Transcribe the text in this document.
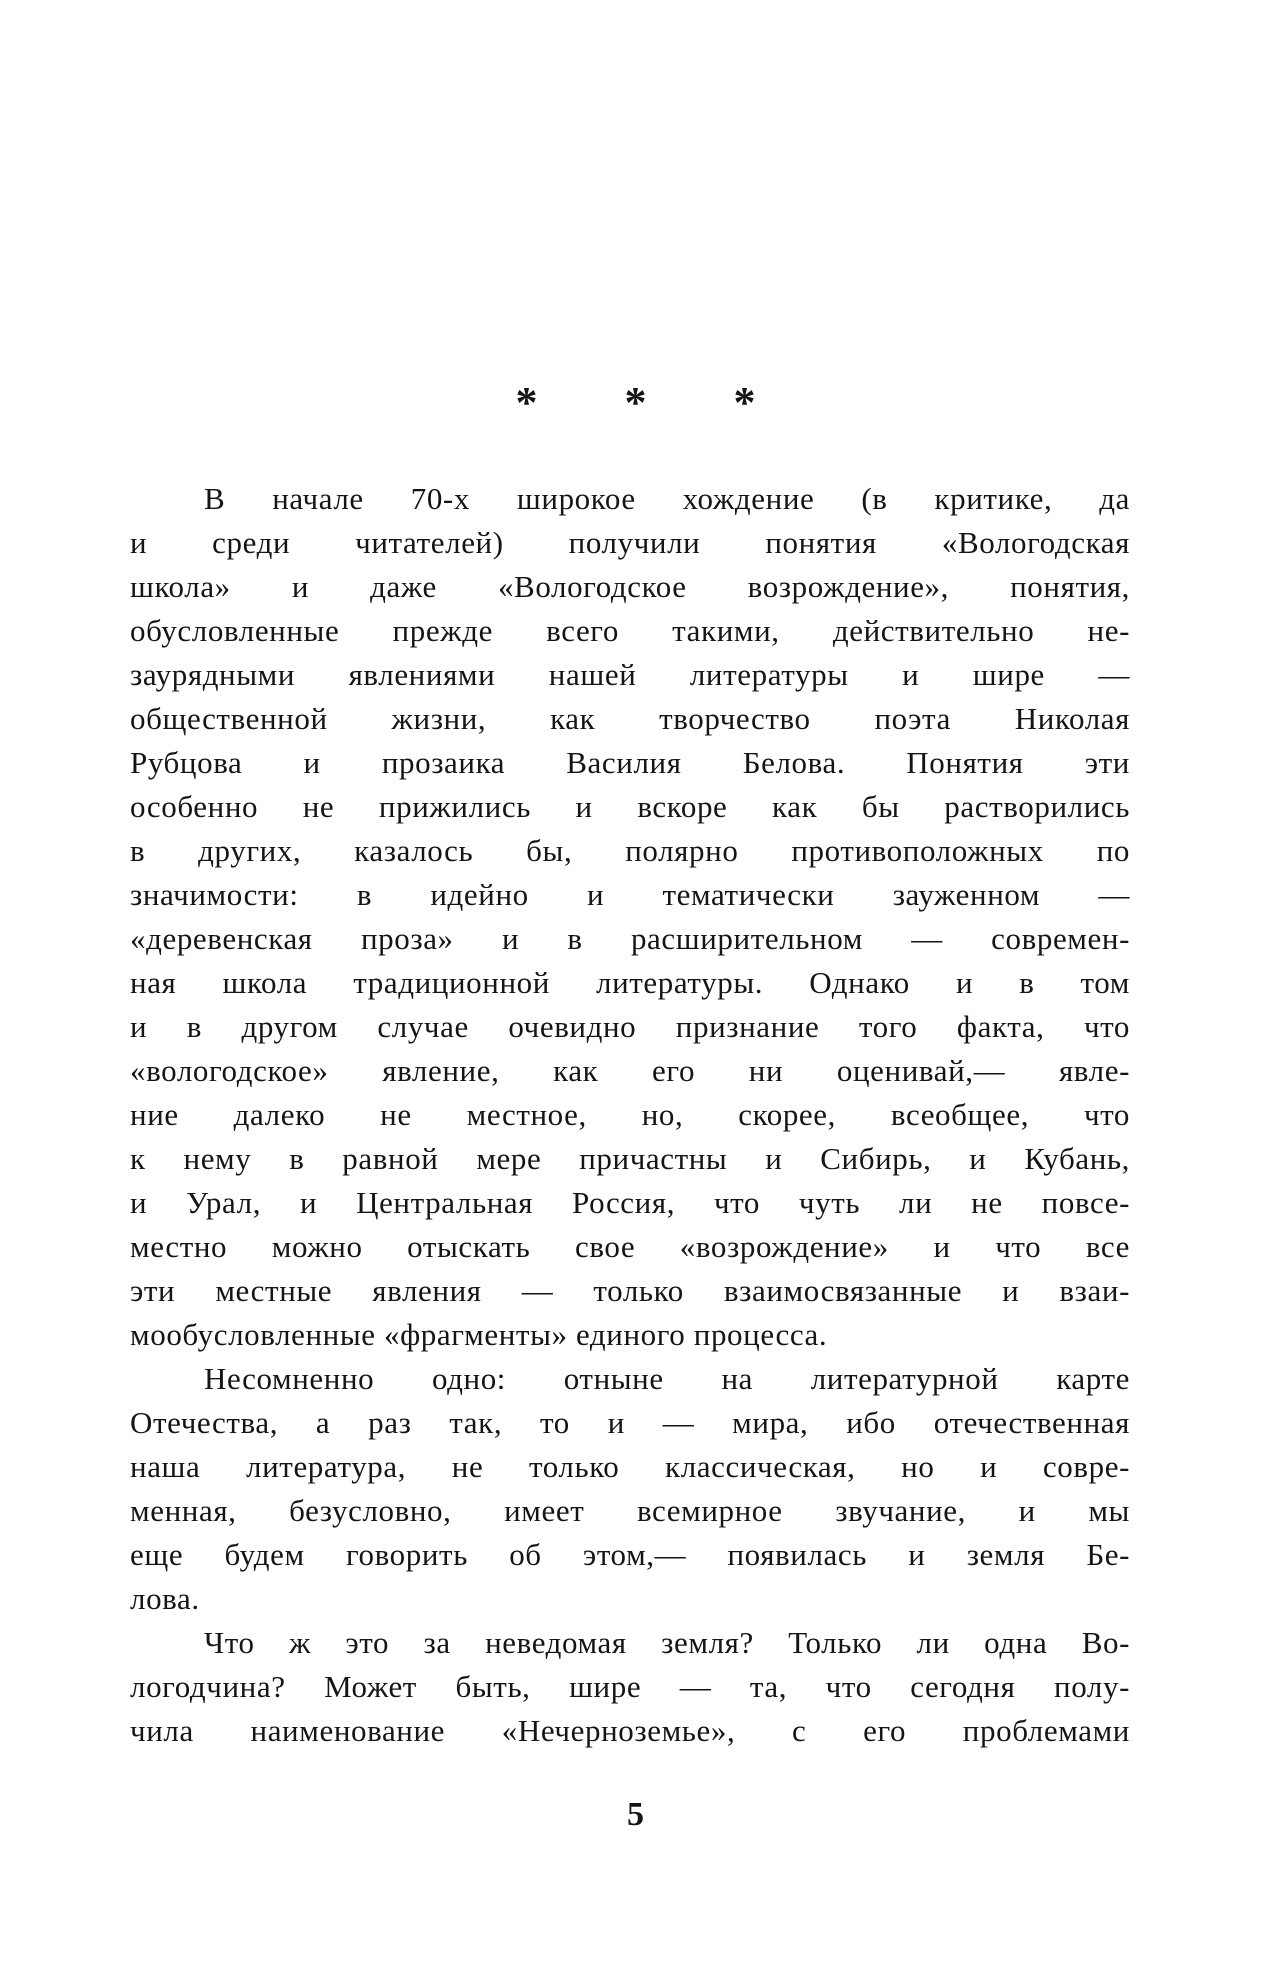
* * *
В начале 70-х широкое хождение (в критике, да
и среди читателей) получили понятия «Вологодская
школа» и даже «Вологодское возрождение», понятия,
обусловленные прежде всего такими, действительно не-
заурядными явлениями нашей литературы и шире —
общественной жизни, как творчество поэта Николая
Рубцова и прозаика Василия Белова. Понятия эти
особенно не прижились и вскоре как бы растворились
в других, казалось бы, полярно противоположных по
значимости: в идейно и тематически зауженном —
«деревенская проза» и в расширительном — современ-
ная школа традиционной литературы. Однако и в том
и в другом случае очевидно признание того факта, что
«вологодское» явление, как его ни оценивай,— явле-
ние далеко не местное, но, скорее, всеобщее, что
к нему в равной мере причастны и Сибирь, и Кубань,
и Урал, и Центральная Россия, что чуть ли не повсе-
местно можно отыскать свое «возрождение» и что все
эти местные явления — только взаимосвязанные и взаи-
мообусловленные «фрагменты» единого процесса.
Несомненно одно: отныне на литературной карте
Отечества, а раз так, то и — мира, ибо отечественная
наша литература, не только классическая, но и совре-
менная, безусловно, имеет всемирное звучание, и мы
еще будем говорить об этом,— появилась и земля Бе-
лова.
Что ж это за неведомая земля? Только ли одна Во-
логодчина? Может быть, шире — та, что сегодня полу-
чила наименование «Нечерноземье», с его проблемами
5
